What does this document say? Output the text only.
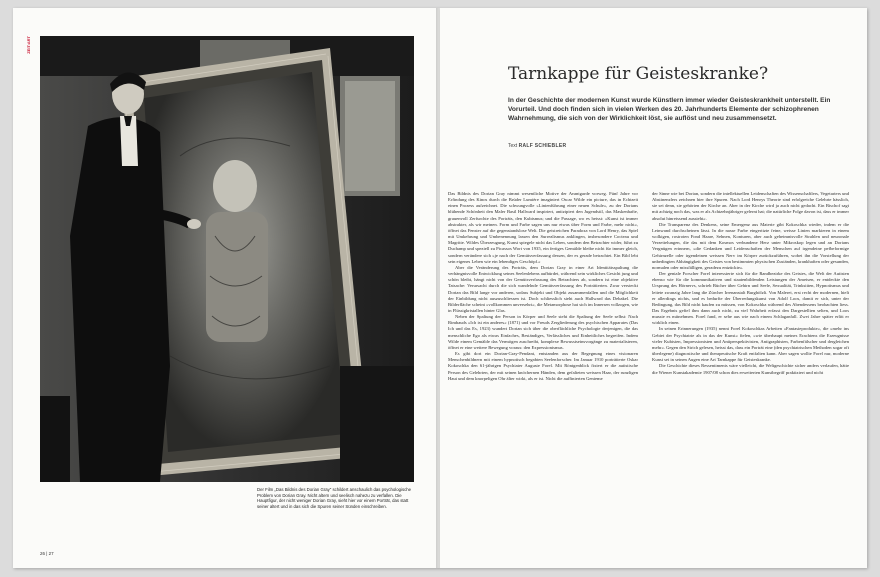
ZEIT:ART
Der Film „Das Bildnis des Dorian Gray“ schildert anschaulich das psychologische Problem von Dorian Gray. Nicht altern und seelisch nahezu zu verfallen. Die Hauptfigur, der nicht weniger Dorian Gray, sieht hier vor einem Porträt, das statt seiner altert und in das sich die Spuren seiner Sünden einschreiben.
26 | 27
Tarnkappe für Geisteskranke?
In der Geschichte der modernen Kunst wurde Künstlern immer wieder Geisteskrankheit unterstellt. Ein Vorurteil. Und doch finden sich in vielen Werken des 20. Jahrhunderts Elemente der schizophrenen Wahrnehmung, die sich von der Wirklichkeit löst, sie auflöst und neu zusammensetzt.
Text RALF SCHIEBLER

Das Bildnis des Dorian Gray nimmt wesentliche Motive der Avantgarde vorweg. Fünf Jahre vor Erfindung des Kinos durch die Brüder Lumière imaginiert Oscar Wilde ein picture, das in Echtzeit einen Prozess aufzeichnet. Die schwungvolle »Linienführung einer neuen Schule«, zu der Dorians blühende Schönheit den Maler Basil Hallward inspiriert, antizipiert den Jugendstil, das Maskenhafte, grauenvoll Zerfurchte des Porträts, den Kubismus; und die Passage, wo es heisst: »Kunst ist immer abstrakter, als wir meinen. Form und Farbe sagen uns nur etwas über Form und Farbe, mehr nicht«, öffnet das Fenster auf die gegenstandslose Welt. Die geistreichen Paradoxa von Lord Henry, das Spiel mit Umkehrung und Umbenennung lassen den Surrealismus anklingen, insbesondere Cocteau und Magritte. Wildes Überzeugung, Kunst spiegele nicht das Leben, sondern den Betrachter wider, führt zu Duchamp und speziell zu Picassos Wort von 1935, ein fertiges Gemälde bleibe nicht für immer gleich, sondern verändere sich »je nach der Gemütsverfassung dessen, der es gerade betrachtet. Ein Bild lebt sein eigenes Leben wie ein lebendiges Geschöpf.«

Aber die Veränderung des Porträts, dem Dorian Gray in einer Art Identitätsspaltung die verhängnisvolle Entwicklung seines Seelenlebens aufbürdet, während sein wirkliches Gesicht jung und schön bleibt, hängt nicht von der Gemütsverfassung des Betrachters ab, sondern ist eine objektive Tatsache: Verursacht durch die sich wandelnde Gemütsverfassung des Porträtierten. Zwar versteckt Dorian das Bild lange vor anderen, sodass Subjekt und Objekt zusammenfallen und die Möglichkeit der Einbildung nicht auszuschliessen ist. Doch schliesslich sieht auch Hallward das Debakel. Die Bilderfläche scheint »vollkommen unversehrt«, die Metamorphose hat sich im Innersen vollzogen, wie in Flüssigkristallen hinter Glas.

Neben der Spaltung der Person in Körper und Seele steht die Spaltung der Seele selbst: Nach Rimbauds »Ich ist ein anderes« (1871) und vor Freuds Zergliederung des psychischen Apparates (Das Ich und das Es, 1923) wundert Dorian sich über die oberflächliche Psychologie derjenigen, die das menschliche Ego als etwas Einfaches, Beständiges, Verlässliches und Einheitliches begreifen. Indem Wilde einem Gemälde das Vermögen zuschreibt, komplexe Bewusstseinsvorgänge zu materialisieren, öffnet er eine weitere Bewegung voraus: den Expressionismus.

Es gibt dort ein Dorian-Gray-Pendant, entstanden aus der Begegnung eines visionaren Menschenbildnern mit einem hypnotisch begabten Seelenforscher. Im Januar 1910 porträtierte Oskar Kokoschka den 61-jährigen Psychiater Auguste Forel. Mit Röntgenblick fixiert er die autistische Person des Gelehrten, der mit seinen knöchernen Händen, dem gefalteten weissen Haar, der runzligen Haut und dem knorpeligen Ohr älter wirkt, als er ist. Nicht die auffinierten Genieme

der Sinne wie bei Dorian, sondern die intellektuellen Leidenschaften des Wissenschaftlers, Vegetariers und Abstinenzlers zeichnen hier ihre Spuren. Nach Lord Henrys Theorie sind erfolgreiche Gelehrte hässlich, sie sei denn, sie gehörten der Kirche an. Aber in der Kirche wird ja auch nicht gedacht. Ein Bischof sagt mit achtzig noch das, was er als Achtzehnjähriger gelernt hat; die natürliche Folge davon ist, dass er immer absolut hinreissend aussieht«.

Die Transparenz des Denkens, seine Emergenz aus Materie gibt Kokoschka wieder, indem er die Leinwand durchscheinen lässt. In die nasse Farbe eingeritzte feine, weisse Linien markieren in einem wolkigen, rostroten Fond Haare, Sehnen, Konturen, aber auch geheimnisvolle Strahlen und neuronale Verzettelungen, die das mit dem Kosmos verbundene Herz unter Mikroskop legen und an Dorians Vergnügen erinnern, »die Gedanken und Leidenschaften der Menschen auf irgendeine pefbeformige Gehirnzelle oder irgendeinen weissen Nerv im Körper zurückzuführen, wobei ihn die Vorstellung der unbedingten Abhängigkeit des Geistes von bestimmten physischen Zuständen, krankhaften oder gesunden, normalen oder missfälligen, geradezu entzückte«.

Der geniale Forscher Forel interessierte sich für die Randbezirke des Geistes, die Welt der Autisten ebenso wie für die kommunikativen und staatenbildenden Leistungen der Ameisen, er entdeckte den Ursprung des Hörnervs, schrieb Bücher über Gehirn und Seele, Sexualität, Trinksitten, Hypnotismus und leitete zwanzig Jahre lang die Zürcher Irrenanstalt Burghölzli. Von Malerei, erst recht der modernen, hielt er allerdings nichts, und es bedurfte der Überredungskunst von Adolf Loos, damit er sich, unter der Bedingung, das Bild nicht kaufen zu müssen, von Kokoschka während des Abendessens beobachten liess. Das Ergebnis gefiel ihm dann auch nicht, zu viel Wahrheit erfasst den Dargestellten selten, und Loos musste es mitnehmen. Forel fand, er sehe aus wie nach einem Schlaganfall. Zwei Jahre später erlitt er wirklich einen.

In seinen Erinnerungen (1935) nennt Forel Kokoschkas Arbeiten »Fantasieprodukte«, die »mehr ins Gebiet der Psychiatrie als in das der Kunst« fielen, »wie überhaupt meines Erachtens die Erzeugnisse vieler Kubisten, Impressionisten und Antiperspektivisten, Antigraphisten, Farbenfälscher und dergleichen mehr«. Gegen den Strich gelesen, heisst das, dass ein Porträt eine (den psychiatrischen Methoden sogar oft überlegene) diagnostische und therapeutische Kraft entfalten kann. Aber sagen wollte Forel nur, moderne Kunst sei in seinen Augen eine Art Tarnkappe für Geisteskranke.

Die Geschichte dieses Ressentiments wäre vielleicht, die Weltgeschichte sicher anders verlaufen, hätte die Wiener Kunstakademie 1907/08 schon dies erweiterten Kunstbegriff praktiziert und nicht
